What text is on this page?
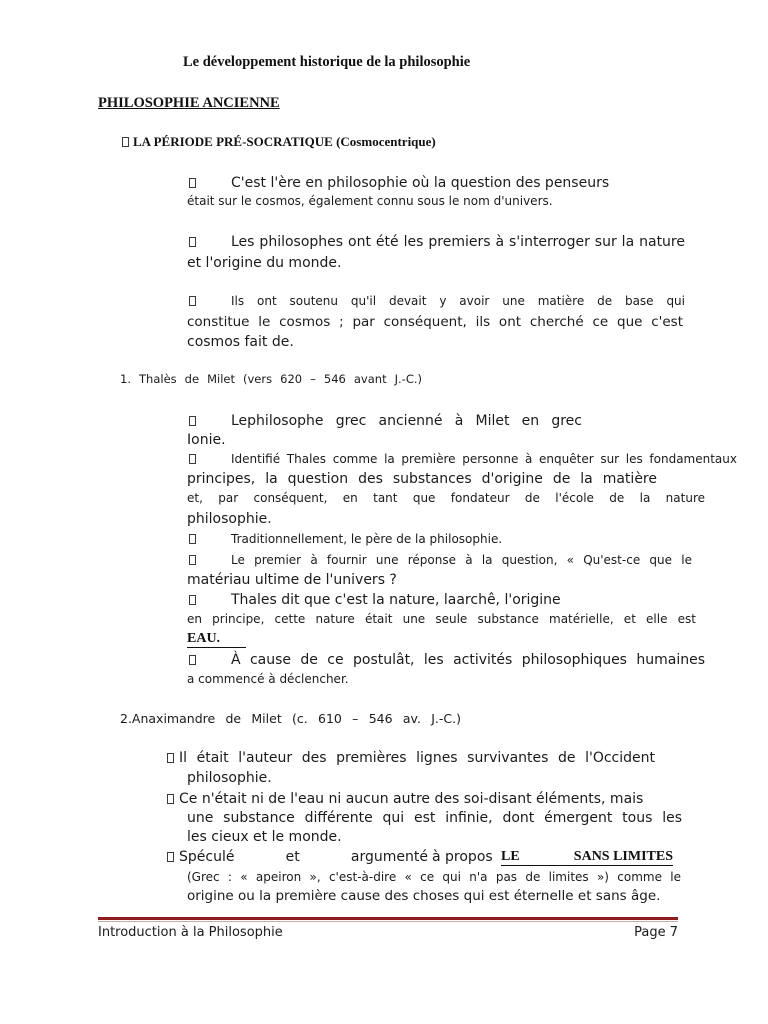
Le développement historique de la philosophie
PHILOSOPHIE ANCIENNE
LA PÉRIODE PRÉ-SOCRATIQUE (Cosmocentrique)
C'est l'ère en philosophie où la question des penseurs
était sur le cosmos, également connu sous le nom d'univers.
Les philosophes ont été les premiers à s'interroger sur la nature
et l'origine du monde.
Ils ont soutenu qu'il devait y avoir une matière de base qui
constitue le cosmos ; par conséquent, ils ont cherché ce que c'est
cosmos fait de.
1. Thalès de Milet (vers 620 – 546 avant J.-C.)
Lephilosophe grec ancienné à Milet en grec
Ionie.
Identifié Thales comme la première personne à enquêter sur les fondamentaux
principes, la question des substances d'origine de la matière
et, par conséquent, en tant que fondateur de l'école de la nature
philosophie.
Traditionnellement, le père de la philosophie.
Le premier à fournir une réponse à la question, « Qu'est-ce que le
matériau ultime de l'univers ?
Thales dit que c'est la nature, laarchê, l'origine
en principe, cette nature était une seule substance matérielle, et elle est
EAU.
À cause de ce postulât, les activités philosophiques humaines
a commencé à déclencher.
2.Anaximandre de Milet (c. 610 – 546 av. J.-C.)
Il était l'auteur des premières lignes survivantes de l'Occident
philosophie.
Ce n'était ni de l'eau ni aucun autre des soi-disant éléments, mais
une substance différente qui est infinie, dont émergent tous les
les cieux et le monde.
Spéculé et argumenté à propos LE	SANS LIMITES
(Grec : « apeiron », c'est-à-dire « ce qui n'a pas de limites ») comme le
origine ou la première cause des choses qui est éternelle et sans âge.
Introduction à la Philosophie	Page 7
